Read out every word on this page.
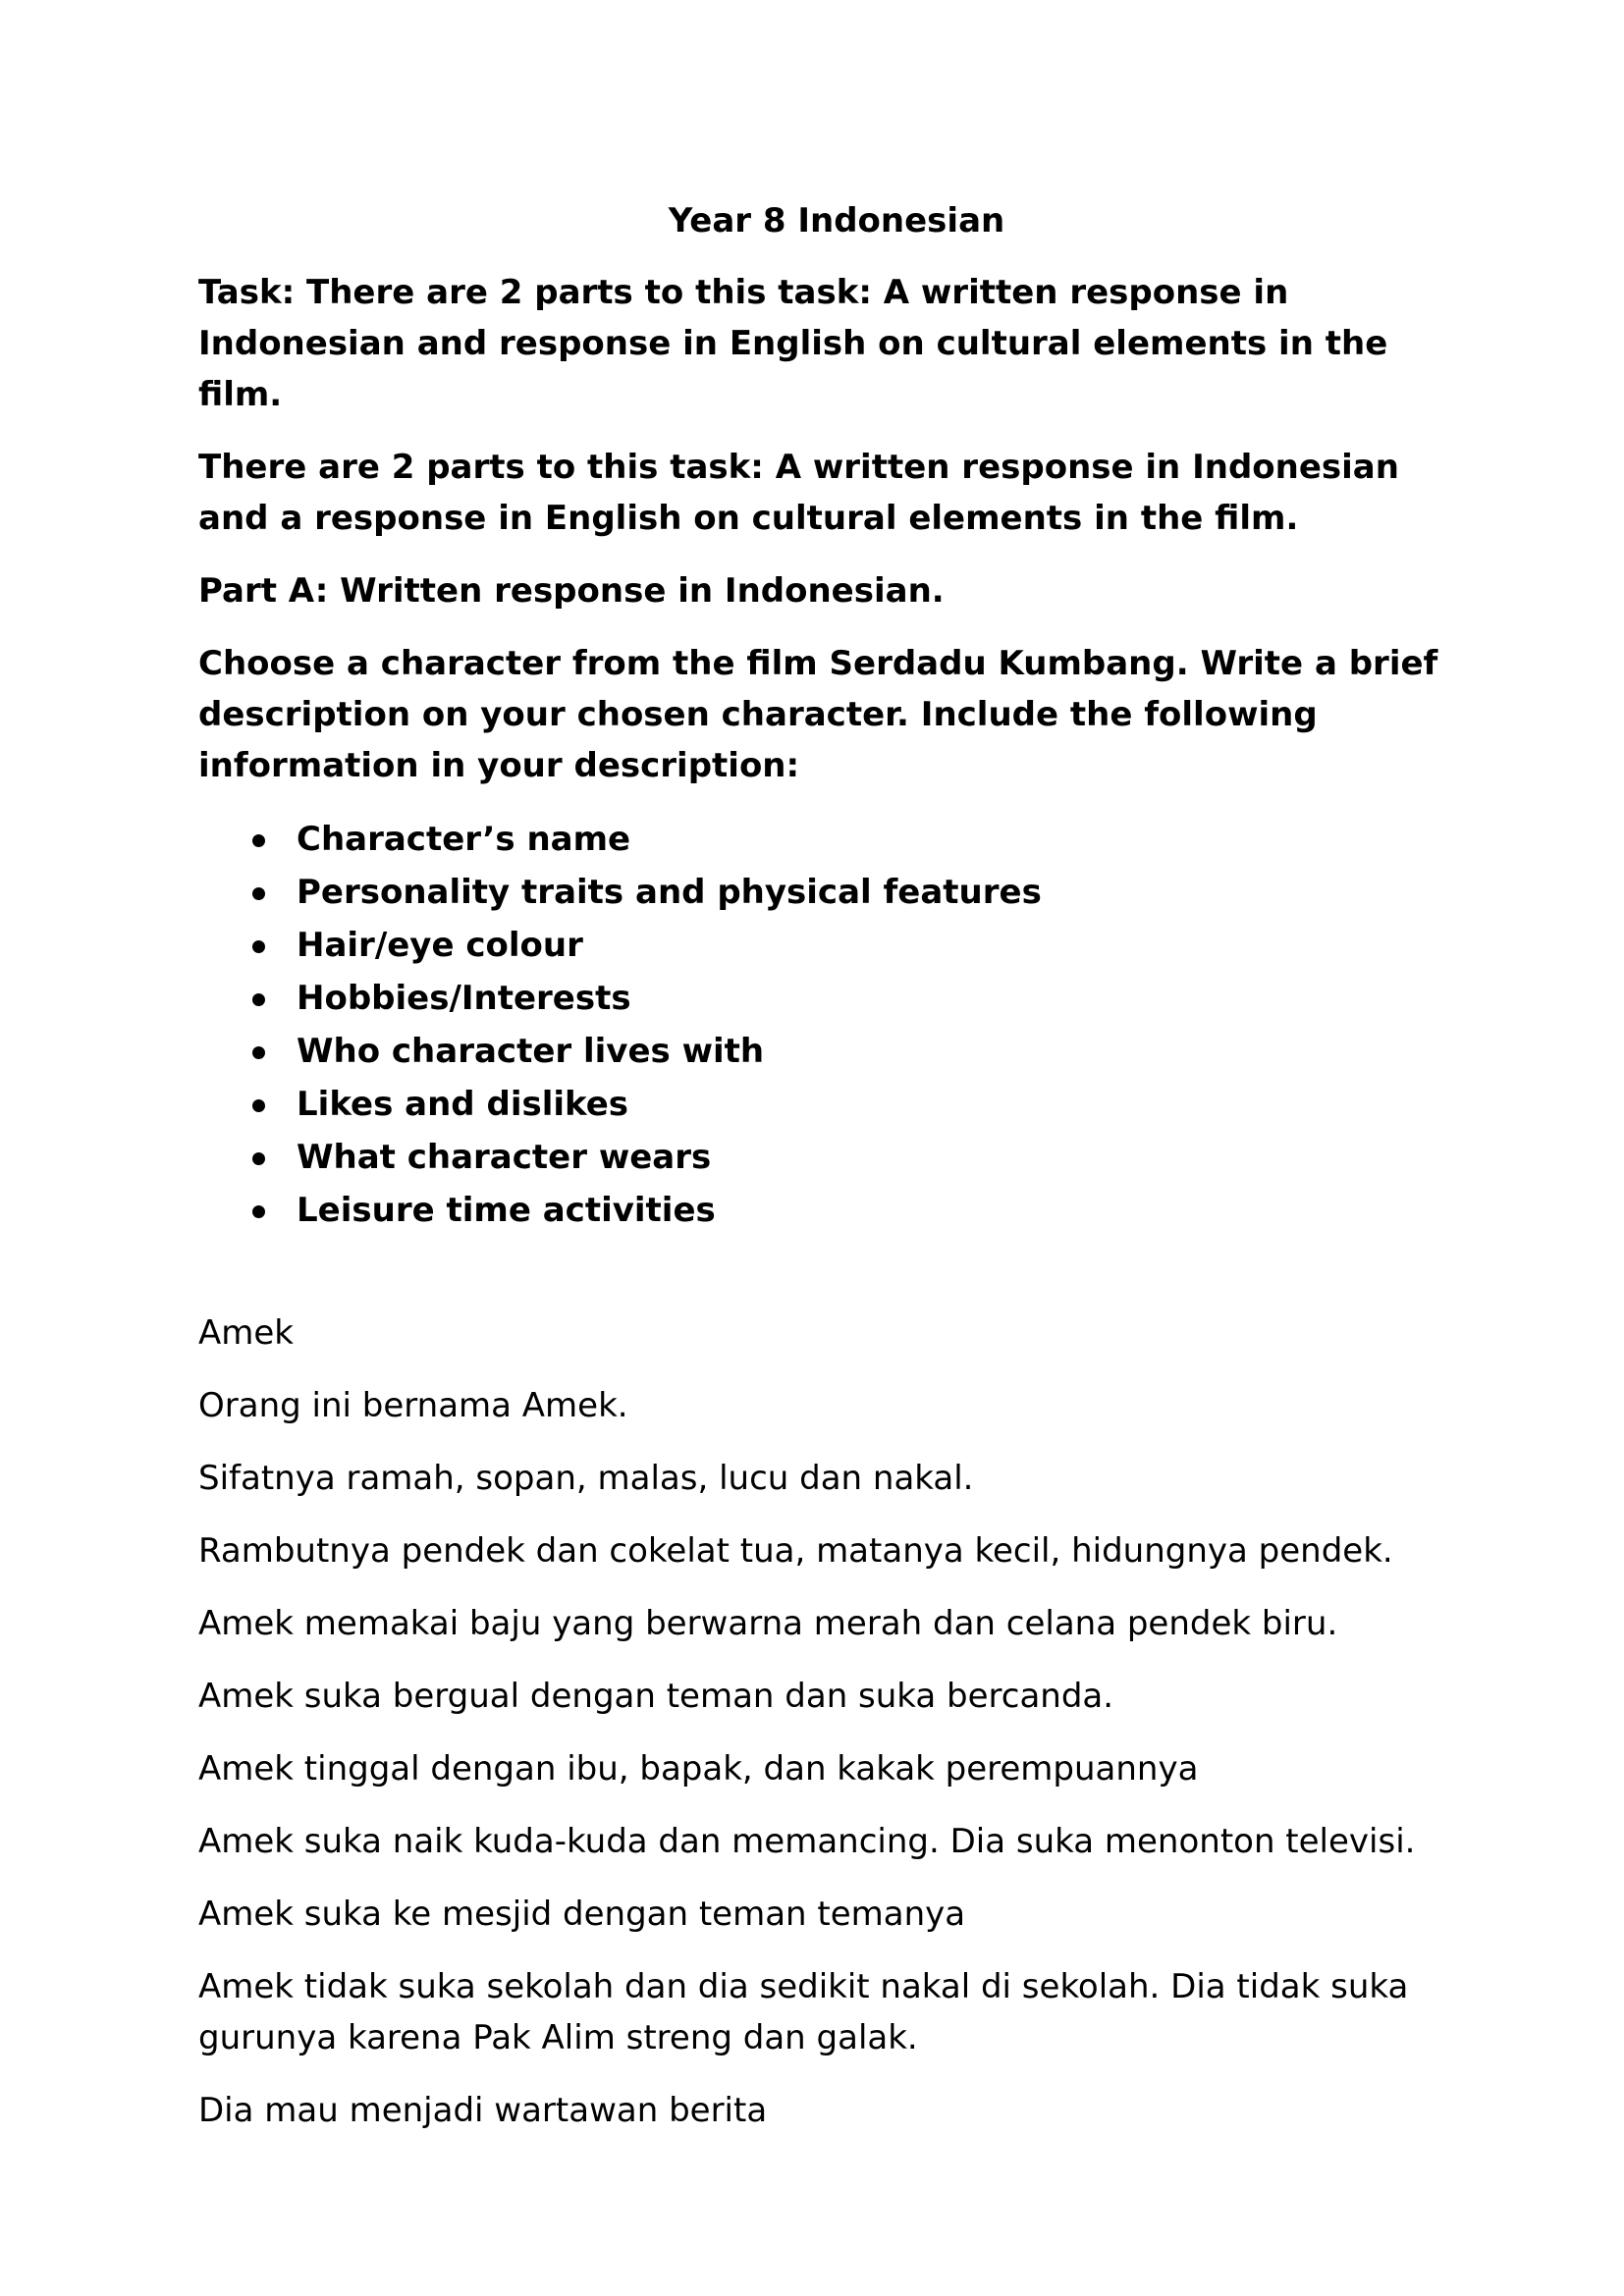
Year 8 Indonesian

Task: There are 2 parts to this task: A written response in Indonesian and response in English on cultural elements in the film.

There are 2 parts to this task: A written response in Indonesian and a response in English on cultural elements in the film.

Part A: Written response in Indonesian.

Choose a character from the film Serdadu Kumbang. Write a brief description on your chosen character. Include the following information in your description:

Character’s name
Personality traits and physical features
Hair/eye colour
Hobbies/Interests
Who character lives with
Likes and dislikes
What character wears
Leisure time activities

Amek

Orang ini bernama Amek.

Sifatnya ramah, sopan, malas, lucu dan nakal.

Rambutnya pendek dan cokelat tua, matanya kecil, hidungnya pendek.

Amek memakai baju yang berwarna merah dan celana pendek biru.

Amek suka bergual dengan teman dan suka bercanda.

Amek tinggal dengan ibu, bapak, dan kakak perempuannya

Amek suka naik kuda-kuda dan memancing. Dia suka menonton televisi.

Amek suka ke mesjid dengan teman temanya

Amek tidak suka sekolah dan dia sedikit nakal di sekolah. Dia tidak suka gurunya karena Pak Alim streng dan galak.

Dia mau menjadi wartawan berita
